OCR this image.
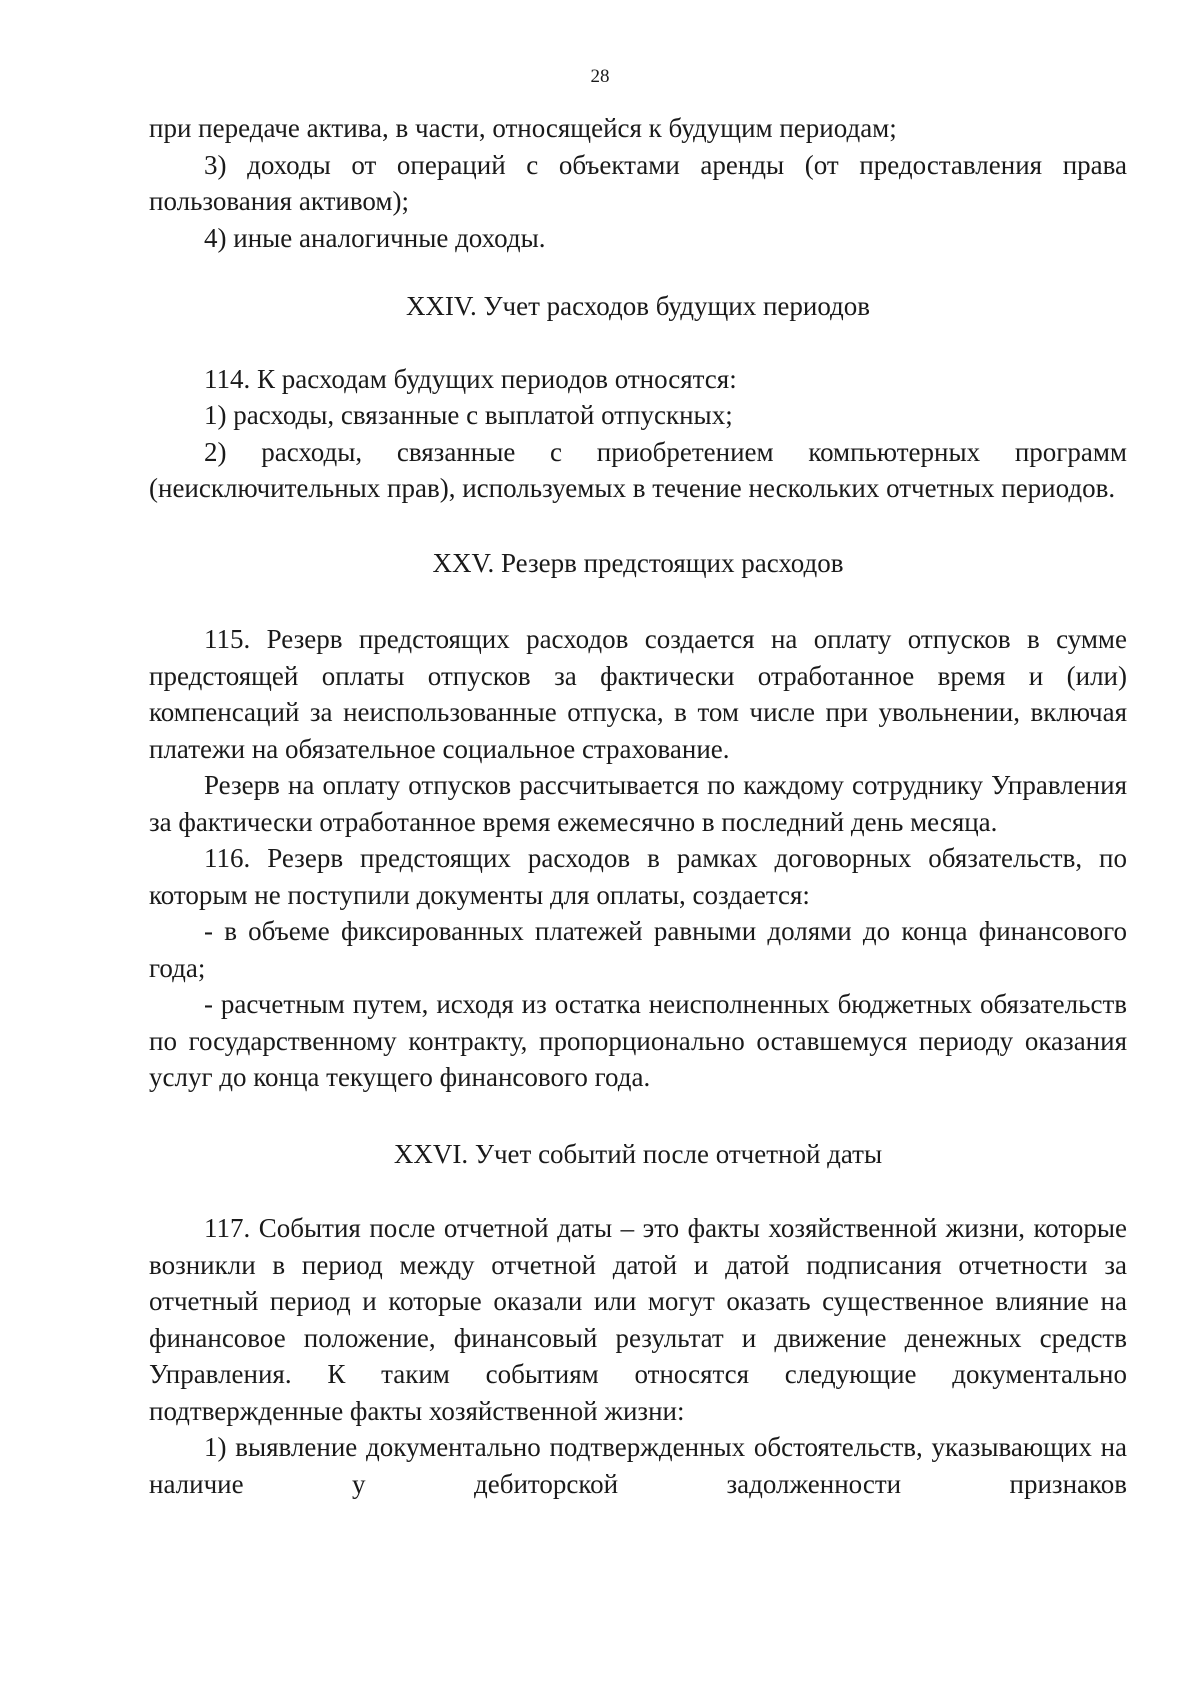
28

при передаче актива, в части, относящейся к будущим периодам;

3) доходы от операций с объектами аренды (от предоставления права пользования активом);

4) иные аналогичные доходы.

XXIV. Учет расходов будущих периодов

114. К расходам будущих периодов относятся:

1) расходы, связанные с выплатой отпускных;

2) расходы, связанные с приобретением компьютерных программ (неисключительных прав), используемых в течение нескольких отчетных периодов.

XXV. Резерв предстоящих расходов

115. Резерв предстоящих расходов создается на оплату отпусков в сумме предстоящей оплаты отпусков за фактически отработанное время и (или) компенсаций за неиспользованные отпуска, в том числе при увольнении, включая платежи на обязательное социальное страхование.

Резерв на оплату отпусков рассчитывается по каждому сотруднику Управления за фактически отработанное время ежемесячно в последний день месяца.

116. Резерв предстоящих расходов в рамках договорных обязательств, по которым не поступили документы для оплаты, создается:

- в объеме фиксированных платежей равными долями до конца финансового года;

- расчетным путем, исходя из остатка неисполненных бюджетных обязательств по государственному контракту, пропорционально оставшемуся периоду оказания услуг до конца текущего финансового года.

XXVI. Учет событий после отчетной даты

117. События после отчетной даты – это факты хозяйственной жизни, которые возникли в период между отчетной датой и датой подписания отчетности за отчетный период и которые оказали или могут оказать существенное влияние на финансовое положение, финансовый результат и движение денежных средств Управления. К таким событиям относятся следующие документально подтвержденные факты хозяйственной жизни:

1) выявление документально подтвержденных обстоятельств, указывающих на наличие у дебиторской задолженности признаков
